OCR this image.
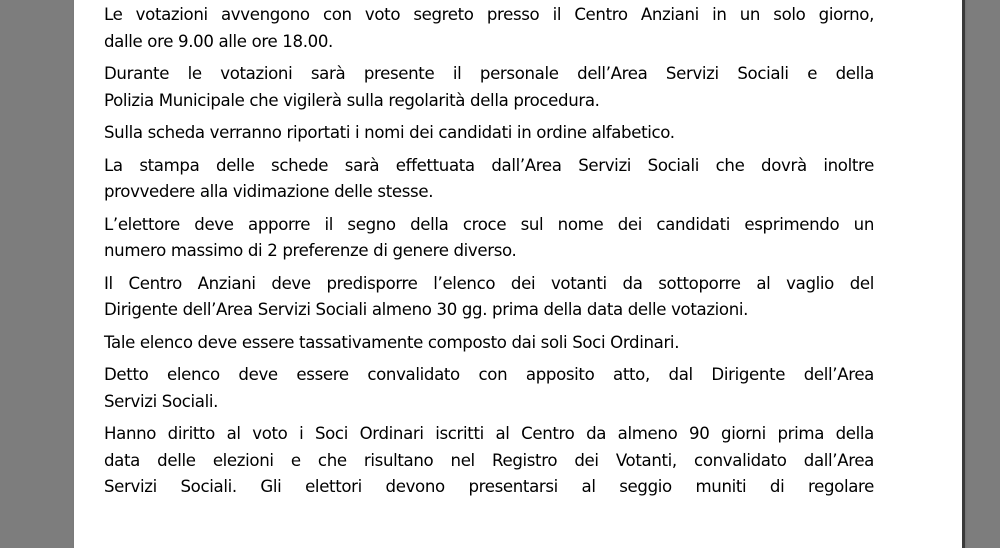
Le votazioni avvengono con voto segreto presso il Centro Anziani in un solo giorno,
dalle ore 9.00 alle ore 18.00.

Durante le votazioni sarà presente il personale dell’Area Servizi Sociali e della
Polizia Municipale che vigilerà sulla regolarità della procedura.

Sulla scheda verranno riportati i nomi dei candidati in ordine alfabetico.

La stampa delle schede sarà effettuata dall’Area Servizi Sociali che dovrà inoltre
provvedere alla vidimazione delle stesse.

L’elettore deve apporre il segno della croce sul nome dei candidati esprimendo un
numero massimo di 2 preferenze di genere diverso.

Il Centro Anziani deve predisporre l’elenco dei votanti da sottoporre al vaglio del
Dirigente dell’Area Servizi Sociali almeno 30 gg. prima della data delle votazioni.

Tale elenco deve essere tassativamente composto dai soli Soci Ordinari.

Detto elenco deve essere convalidato con apposito atto, dal Dirigente dell’Area
Servizi Sociali.

Hanno diritto al voto i Soci Ordinari iscritti al Centro da almeno 90 giorni prima della
data delle elezioni e che risultano nel Registro dei Votanti, convalidato dall’Area
Servizi Sociali. Gli elettori devono presentarsi al seggio muniti di regolare
